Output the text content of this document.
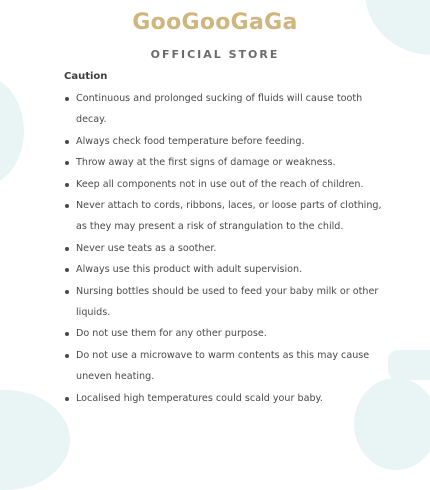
GooGooGaGa
OFFICIAL STORE
Caution
Continuous and prolonged sucking of fluids will cause tooth decay.
Always check food temperature before feeding.
Throw away at the first signs of damage or weakness.
Keep all components not in use out of the reach of children.
Never attach to cords, ribbons, laces, or loose parts of clothing, as they may present a risk of strangulation to the child.
Never use teats as a soother.
Always use this product with adult supervision.
Nursing bottles should be used to feed your baby milk or other liquids.
Do not use them for any other purpose.
Do not use a microwave to warm contents as this may cause uneven heating.
Localised high temperatures could scald your baby.
